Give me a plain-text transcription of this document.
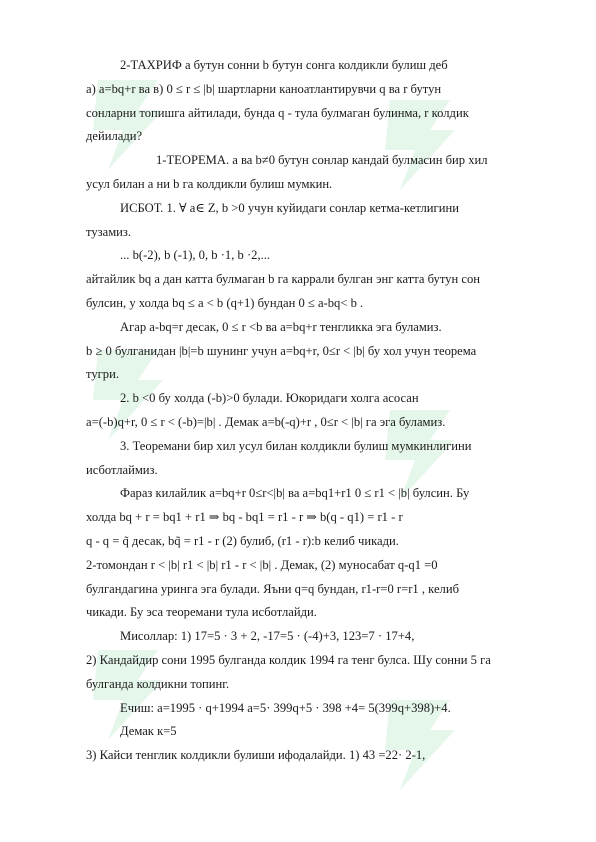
2-ТАХРИФ a бутун сонни b бутун сонга колдикли булиш деб

а) a=bq+r ва в) 0 ≤ r ≤ |b| шартларни каноатлантирувчи q ва r бутун

сонларни топишга айтилади, бунда q - тула булмаган булинма, r колдик

дейилади?

1-ТЕОРЕМА. a ва b≠0 бутун сонлар кандай булмасин бир хил

усул билан a ни b га колдикли булиш мумкин.

ИСБОТ. 1. ∀ a∈ Z, b >0 учун куйидаги сонлар кетма-кетлигини

тузамиз.

... b(-2), b (-1), 0, b ·1, b ·2,...

айтайлик bq a дан катта булмаган b га каррали булган энг катта бутун сон

булсин, у холда bq ≤ a < b (q+1) бундан 0 ≤ a-bq< b .

Агар a-bq=r десак, 0 ≤ r <b ва a=bq+r тенгликка эга буламиз.

b ≥ 0 булганидан |b|=b шунинг учун a=bq+r, 0≤r < |b| бу хол учун теорема

тугри.

2. b <0 бу холда (-b)>0 булади. Юкоридаги холга асосан

a=(-b)q+r, 0 ≤ r < (-b)=|b| . Демак a=b(-q)+r , 0≤r < |b| га эга буламиз.

3. Теоремани бир хил усул билан колдикли булиш мумкинлигини

исботлаймиз.

Фараз килайлик a=bq+r 0≤r<|b| ва a=bq1+r1 0 ≤ r1 < |b| булсин. Бу

холда bq + r = bq1 + r1 ⇒ bq - bq1 = r1 - r ⇒ b(q - q1) = r1 - r

q - q = q̃ десак, bq̃ = r1 - r (2) булиб, (r1 - r):b келиб чикади.

2-томондан r < |b| r1 < |b| r1 - r < |b| . Демак, (2) муносабат q-q1 =0

булгандагина уринга эга булади. Яъни q=q бундан, r1-r=0 r=r1 , келиб

чикади. Бу эса теоремани тула исботлайди.

Мисоллар: 1) 17=5 · 3 + 2, -17=5 · (-4)+3, 123=7 · 17+4,

2) Кандайдир сони 1995 булганда колдик 1994 га тенг булса. Шу сонни 5 га

булганда колдикни топинг.

Ечиш: a=1995 · q+1994 a=5· 399q+5 · 398 +4= 5(399q+398)+4.

Демак к=5

3) Кайси тенглик колдикли булиши ифодалайди. 1) 43 =22· 2-1,
